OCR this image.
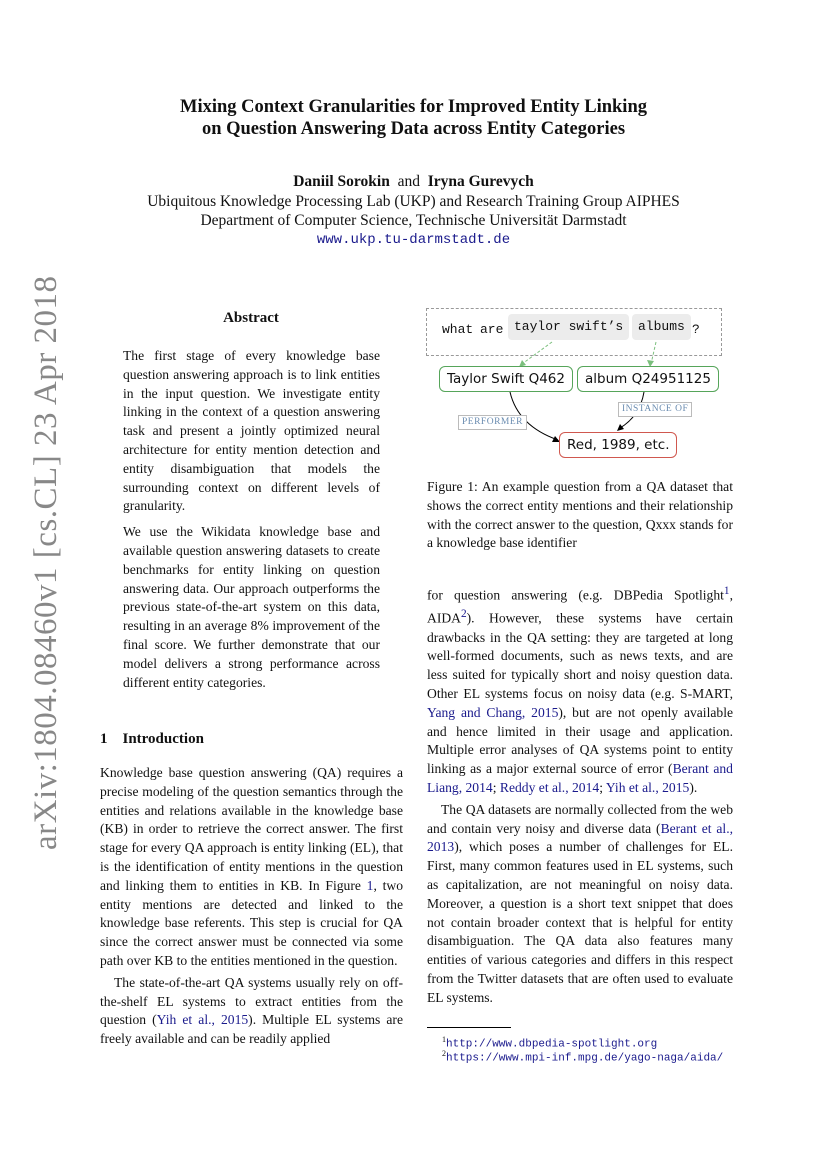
arXiv:1804.08460v1 [cs.CL] 23 Apr 2018
Mixing Context Granularities for Improved Entity Linking
on Question Answering Data across Entity Categories
Daniil Sorokin and Iryna Gurevych
Ubiquitous Knowledge Processing Lab (UKP) and Research Training Group AIPHES
Department of Computer Science, Technische Universität Darmstadt
www.ukp.tu-darmstadt.de
Abstract

The first stage of every knowledge base question answering approach is to link entities in the input question. We investigate entity linking in the context of a question answering task and present a jointly optimized neural architecture for entity mention detection and entity disambiguation that models the surrounding context on different levels of granularity.

We use the Wikidata knowledge base and available question answering datasets to create benchmarks for entity linking on question answering data. Our approach outperforms the previous state-of-the-art system on this data, resulting in an average 8% improvement of the final score. We further demonstrate that our model delivers a strong performance across different entity categories.

1 Introduction

Knowledge base question answering (QA) requires a precise modeling of the question semantics through the entities and relations available in the knowledge base (KB) in order to retrieve the correct answer. The first stage for every QA approach is entity linking (EL), that is the identification of entity mentions in the question and linking them to entities in KB. In Figure 1, two entity mentions are detected and linked to the knowledge base referents. This step is crucial for QA since the correct answer must be connected via some path over KB to the entities mentioned in the question.

The state-of-the-art QA systems usually rely on off-the-shelf EL systems to extract entities from the question (Yih et al., 2015). Multiple EL systems are freely available and can be readily applied

what are taylor swift’s	albums ?
Taylor Swift Q462	album Q24951125
Red, 1989, etc.
PERFORMER
INSTANCE OF
Figure 1: An example question from a QA dataset that shows the correct entity mentions and their relationship with the correct answer to the question, Qxxx stands for a knowledge base identifier

for question answering (e.g. DBPedia Spotlight$^1$, AIDA$^2$). However, these systems have certain drawbacks in the QA setting: they are targeted at long well-formed documents, such as news texts, and are less suited for typically short and noisy question data. Other EL systems focus on noisy data (e.g. S-MART, Yang and Chang, 2015), but are not openly available and hence limited in their usage and application. Multiple error analyses of QA systems point to entity linking as a major external source of error (Berant and Liang, 2014; Reddy et al., 2014; Yih et al., 2015).

The QA datasets are normally collected from the web and contain very noisy and diverse data (Berant et al., 2013), which poses a number of challenges for EL. First, many common features used in EL systems, such as capitalization, are not meaningful on noisy data. Moreover, a question is a short text snippet that does not contain broader context that is helpful for entity disambiguation. The QA data also features many entities of various categories and differs in this respect from the Twitter datasets that are often used to evaluate EL systems.

$^1$http://www.dbpedia-spotlight.org
$^2$https://www.mpi-inf.mpg.de/yago-naga/aida/
